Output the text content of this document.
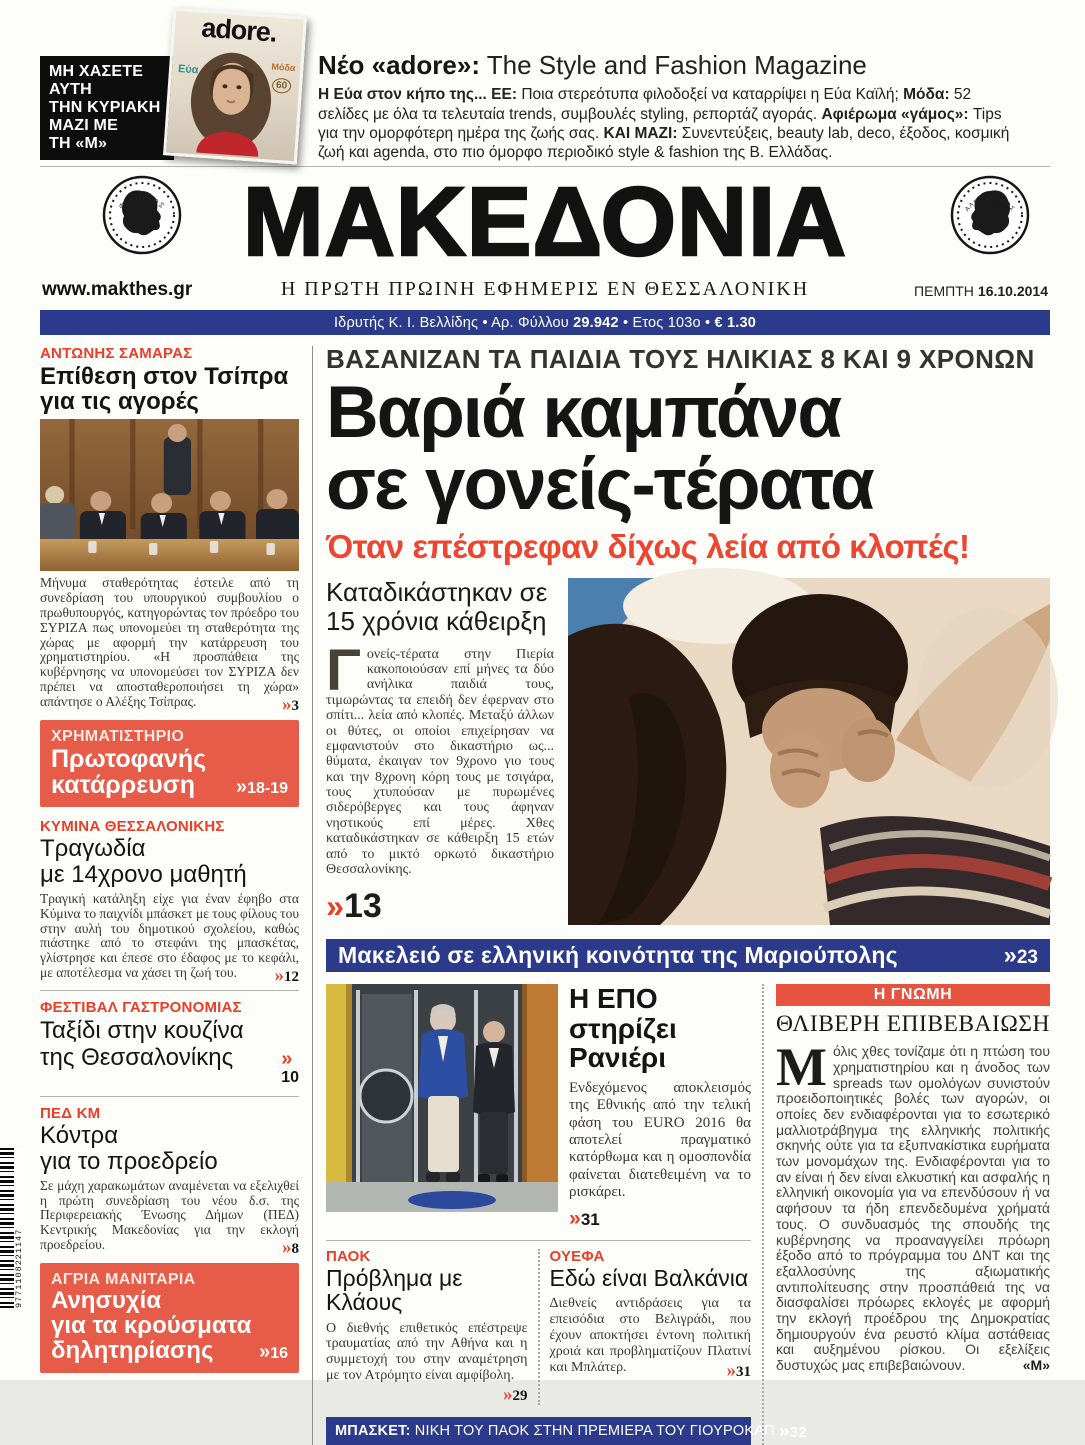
ΜΗ ΧΑΣΕΤΕ
ΑΥΤΗ
ΤΗΝ ΚΥΡΙΑΚΗ
ΜΑΖΙ ΜΕ
ΤΗ «Μ»
adore.
Εύα	Μόδα
60
Νέο «adore»: The Style and Fashion Magazine

Η Εύα στον κήπο της... ΕΕ: Ποια στερεότυπα φιλοδοξεί να καταρρίψει η Εύα Καϊλή; Μόδα: 52 σελίδες με όλα τα τελευταία trends, συμβουλές styling, ρεπορτάζ αγοράς. Αφιέρωμα «γάμος»: Tips για την ομορφότερη ημέρα της ζωής σας. ΚΑΙ ΜΑΖΙ: Συνεντεύξεις, beauty lab, deco, έξοδος, κοσμική ζωή και agenda, στο πιο όμορφο περιοδικό style & fashion της Β. Ελλάδας.

ΦΙΛΙΠΠΟΣ ΜΑΚΕΔΟΝΙΑ	ΑΛΕΞΑΝΔΡΟΣ
www.makthes.gr	Η ΠΡΩΤΗ ΠΡΩΙΝΗ ΕΦΗΜΕΡΙΣ ΕΝ ΘΕΣΣΑΛΟΝΙΚΗ	ΠΕΜΠΤΗ 16.10.2014
Ιδρυτής Κ. Ι. Βελλίδης • Αρ. Φύλλου 29.942 • Ετος 103ο • € 1.30
ΑΝΤΩΝΗΣ ΣΑΜΑΡΑΣ
Επίθεση στον Τσίπρα
για τις αγορές

Μήνυμα σταθερότητας έστειλε από τη συνεδρίαση του υπουργικού συμβουλίου ο πρωθυπουργός, κατηγορώντας τον πρόεδρο του ΣΥΡΙΖΑ πως υπονομεύει τη σταθερότητα της χώρας με αφορμή την κατάρρευση του χρηματιστηρίου. «Η προσπάθεια της κυβέρνησης να υπονομεύσει τον ΣΥΡΙΖΑ δεν πρέπει να αποσταθεροποιήσει τη χώρα» απάντησε ο Αλέξης Τσίπρας.	»3

ΧΡΗΜΑΤΙΣΤΗΡΙΟ
Πρωτοφανής
κατάρρευση »18-19
ΚΥΜΙΝΑ ΘΕΣΣΑΛΟΝΙΚΗΣ
Τραγωδία
με 14χρονο μαθητή

Τραγική κατάληξη είχε για έναν έφηβο στα Κύμινα το παιχνίδι μπάσκετ με τους φίλους του στην αυλή του δημοτικού σχολείου, καθώς πιάστηκε από το στεφάνι της μπασκέτας, γλίστρησε και έπεσε στο έδαφος με το κεφάλι, με αποτέλεσμα να χάσει τη ζωή του. »12

ΦΕΣΤΙΒΑΛ ΓΑΣΤΡΟΝΟΜΙΑΣ
Ταξίδι στην κουζίνα
της Θεσσαλονίκης »
10
ΠΕΔ ΚΜ
Κόντρα
για το προεδρείο

Σε μάχη χαρακωμάτων αναμένεται να εξελιχθεί η πρώτη συνεδρίαση του νέου δ.σ. της Περιφερειακής Ένωσης Δήμων (ΠΕΔ) Κεντρικής Μακεδονίας για την εκλογή προεδρείου.	»8

ΑΓΡΙΑ ΜΑΝΙΤΑΡΙΑ
Ανησυχία
για τα κρούσματα
δηλητηρίασης »16
ΒΑΣΑΝΙΖΑΝ ΤΑ ΠΑΙΔΙΑ ΤΟΥΣ ΗΛΙΚΙΑΣ 8 ΚΑΙ 9 ΧΡΟΝΩΝ
Βαριά καμπάνα
σε γονείς-τέρατα
Όταν επέστρεφαν δίχως λεία από κλοπές!
Καταδικάστηκαν σε 15 χρόνια κάθειρξη

Γονείς-τέρατα στην Πιερία κακοποιούσαν επί μήνες τα δύο ανήλικα παιδιά τους, τιμωρώντας τα επειδή δεν έφερναν στο σπίτι... λεία από κλοπές. Μεταξύ άλλων οι θύτες, οι οποίοι επιχείρησαν να εμφανιστούν στο δικαστήριο ως... θύματα, έκαιγαν τον 9χρονο γιο τους και την 8χρονη κόρη τους με τσιγάρα, τους χτυπούσαν με πυρωμένες σιδερόβεργες και τους άφηναν νηστικούς επί μέρες. Χθες καταδικάστηκαν σε κάθειρξη 15 ετών από το μικτό ορκωτό δικαστήριο Θεσσαλονίκης.

»13
Μακελειό σε ελληνική κοινότητα της Μαριούπολης	»23
Η ΕΠΟ
στηρίζει
Ρανιέρι

Ενδεχόμενος αποκλεισμός της Εθνικής από την τελική φάση του EURO 2016 θα αποτελεί πραγματικό κατόρθωμα και η ομοσπονδία φαίνεται διατεθειμένη να το ρισκάρει.

»31
ΠΑΟΚ
Πρόβλημα με Κλάους

Ο διεθνής επιθετικός επέστρεψε τραυματίας από την Αθήνα και η συμμετοχή του στην αναμέτρηση με τον Ατρόμητο είναι αμφίβολη.
»29

ΟΥΕΦΑ
Εδώ είναι Βαλκάνια

Διεθνείς αντιδράσεις για τα επεισόδια στο Βελιγράδι, που έχουν αποκτήσει έντονη πολιτική χροιά και προβληματίζουν Πλατινί και Μπλάτερ.	»31

ΜΠΑΣΚΕΤ: ΝΙΚΗ ΤΟΥ ΠΑΟΚ ΣΤΗΝ ΠΡΕΜΙΕΡΑ ΤΟΥ ΓΙΟΥΡΟΚΑΠ »32
Η ΓΝΩΜΗ
ΘΛΙΒΕΡΗ ΕΠΙΒΕΒΑΙΩΣΗ

Μόλις χθες τονίζαμε ότι η πτώση του χρηματιστηρίου και η άνοδος των spreads των ομολόγων συνιστούν προειδοποιητικές βολές των αγορών, οι οποίες δεν ενδιαφέρονται για το εσωτερικό μαλλιοτράβηγμα της ελληνικής πολιτικής σκηνής ούτε για τα εξυπνακίστικα ευρήματα των μονομάχων της. Ενδιαφέρονται για το αν είναι ή δεν είναι ελκυστική και ασφαλής η ελληνική οικονομία για να επενδύσουν ή να αφήσουν τα ήδη επενδεδυμένα χρήματά τους. Ο συνδυασμός της σπουδής της κυβέρνησης να προαναγγείλει πρόωρη έξοδο από το πρόγραμμα του ΔΝΤ και της εξαλλοσύνης της αξιωματικής αντιπολίτευσης στην προσπάθειά της να διασφαλίσει πρόωρες εκλογές με αφορμή την εκλογή προέδρου της Δημοκρατίας δημιουργούν ένα ρευστό κλίμα αστάθειας και αυξημένου ρίσκου. Οι εξελίξεις δυστυχώς μας επιβεβαιώνουν.	«Μ»

9771108221147
